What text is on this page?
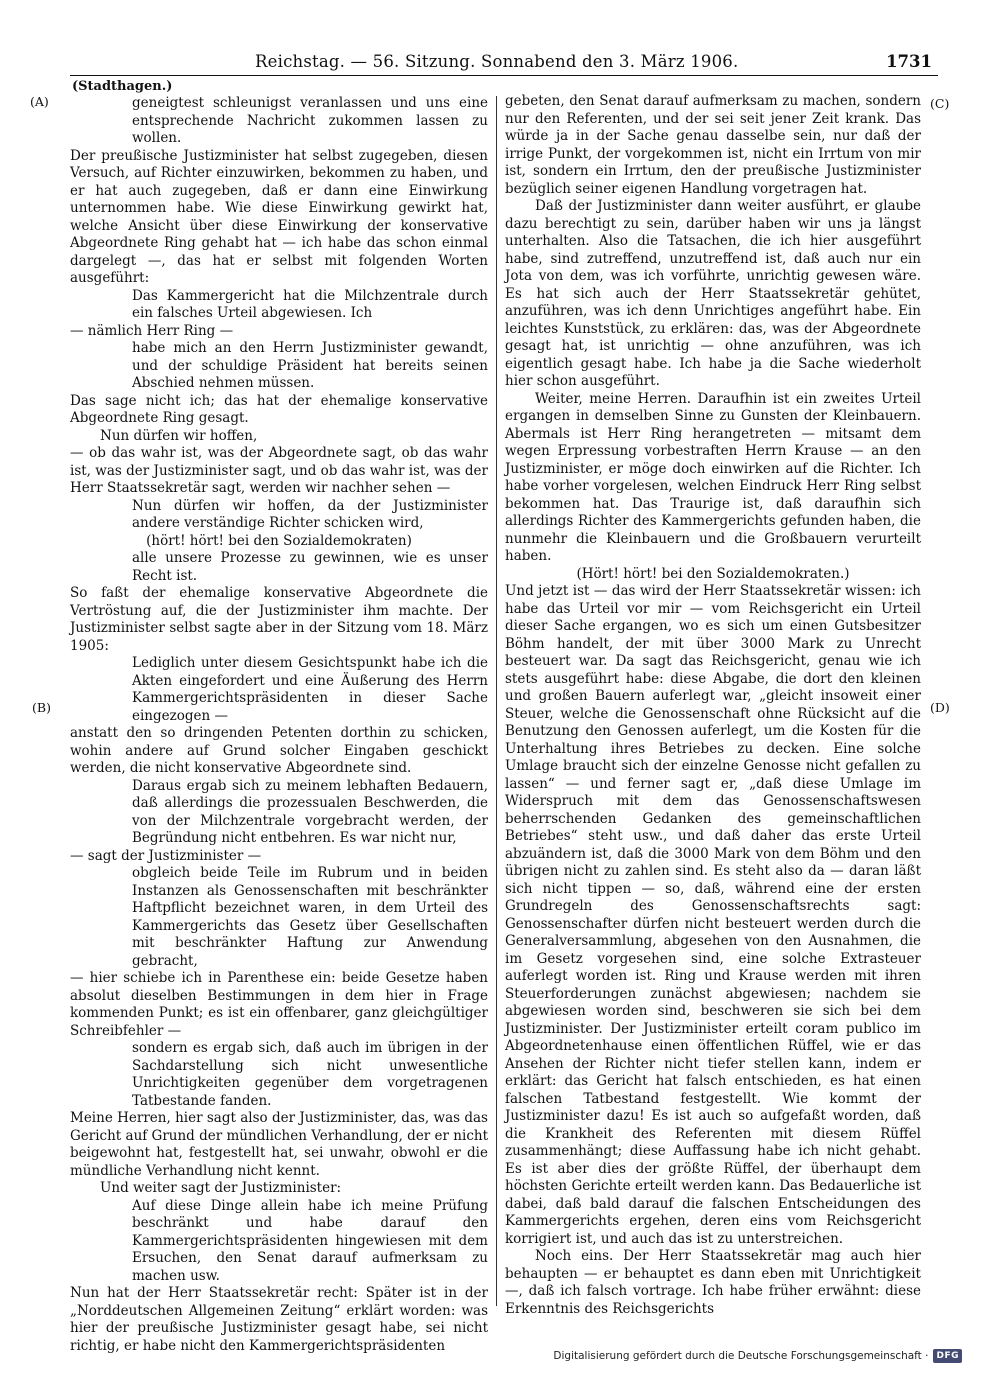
Reichstag. — 56. Sitzung. Sonnabend den 3. März 1906.	1731
(A)
(B)
(C)
(D)
(Stadthagen.)

geneigtest schleunigst veranlassen und uns eine entsprechende Nachricht zukommen lassen zu wollen.

Der preußische Justizminister hat selbst zugegeben, diesen Versuch, auf Richter einzuwirken, bekommen zu haben, und er hat auch zugegeben, daß er dann eine Einwirkung unternommen habe. Wie diese Einwirkung gewirkt hat, welche Ansicht über diese Einwirkung der konservative Abgeordnete Ring gehabt hat — ich habe das schon einmal dargelegt —, das hat er selbst mit folgenden Worten ausgeführt:

Das Kammergericht hat die Milchzentrale durch ein falsches Urteil abgewiesen. Ich

— nämlich Herr Ring —

habe mich an den Herrn Justizminister gewandt, und der schuldige Präsident hat bereits seinen Abschied nehmen müssen.

Das sage nicht ich; das hat der ehemalige konservative Abgeordnete Ring gesagt.

Nun dürfen wir hoffen,

— ob das wahr ist, was der Abgeordnete sagt, ob das wahr ist, was der Justizminister sagt, und ob das wahr ist, was der Herr Staatssekretär sagt, werden wir nachher sehen —

Nun dürfen wir hoffen, da der Justizminister andere verständige Richter schicken wird,

(hört! hört! bei den Sozialdemokraten)

alle unsere Prozesse zu gewinnen, wie es unser Recht ist.

So faßt der ehemalige konservative Abgeordnete die Vertröstung auf, die der Justizminister ihm machte. Der Justizminister selbst sagte aber in der Sitzung vom 18. März 1905:

Lediglich unter diesem Gesichtspunkt habe ich die Akten eingefordert und eine Äußerung des Herrn Kammergerichtspräsidenten in dieser Sache eingezogen —

anstatt den so dringenden Petenten dorthin zu schicken, wohin andere auf Grund solcher Eingaben geschickt werden, die nicht konservative Abgeordnete sind.

Daraus ergab sich zu meinem lebhaften Bedauern, daß allerdings die prozessualen Beschwerden, die von der Milchzentrale vorgebracht werden, der Begründung nicht entbehren. Es war nicht nur,

— sagt der Justizminister —

obgleich beide Teile im Rubrum und in beiden Instanzen als Genossenschaften mit beschränkter Haftpflicht bezeichnet waren, in dem Urteil des Kammergerichts das Gesetz über Gesellschaften mit beschränkter Haftung zur Anwendung gebracht,

— hier schiebe ich in Parenthese ein: beide Gesetze haben absolut dieselben Bestimmungen in dem hier in Frage kommenden Punkt; es ist ein offenbarer, ganz gleichgültiger Schreibfehler —

sondern es ergab sich, daß auch im übrigen in der Sachdarstellung sich nicht unwesentliche Unrichtigkeiten gegenüber dem vorgetragenen Tatbestande fanden.

Meine Herren, hier sagt also der Justizminister, das, was das Gericht auf Grund der mündlichen Verhandlung, der er nicht beigewohnt hat, festgestellt hat, sei unwahr, obwohl er die mündliche Verhandlung nicht kennt.

Und weiter sagt der Justizminister:

Auf diese Dinge allein habe ich meine Prüfung beschränkt und habe darauf den Kammergerichtspräsidenten hingewiesen mit dem Ersuchen, den Senat darauf aufmerksam zu machen usw.

Nun hat der Herr Staatssekretär recht: Später ist in der „Norddeutschen Allgemeinen Zeitung“ erklärt worden: was hier der preußische Justizminister gesagt habe, sei nicht richtig, er habe nicht den Kammergerichtspräsidenten

gebeten, den Senat darauf aufmerksam zu machen, sondern nur den Referenten, und der sei seit jener Zeit krank. Das würde ja in der Sache genau dasselbe sein, nur daß der irrige Punkt, der vorgekommen ist, nicht ein Irrtum von mir ist, sondern ein Irrtum, den der preußische Justizminister bezüglich seiner eigenen Handlung vorgetragen hat.

Daß der Justizminister dann weiter ausführt, er glaube dazu berechtigt zu sein, darüber haben wir uns ja längst unterhalten. Also die Tatsachen, die ich hier ausgeführt habe, sind zutreffend, unzutreffend ist, daß auch nur ein Jota von dem, was ich vorführte, unrichtig gewesen wäre. Es hat sich auch der Herr Staatssekretär gehütet, anzuführen, was ich denn Unrichtiges angeführt habe. Ein leichtes Kunststück, zu erklären: das, was der Abgeordnete gesagt hat, ist unrichtig — ohne anzuführen, was ich eigentlich gesagt habe. Ich habe ja die Sache wiederholt hier schon ausgeführt.

Weiter, meine Herren. Daraufhin ist ein zweites Urteil ergangen in demselben Sinne zu Gunsten der Kleinbauern. Abermals ist Herr Ring herangetreten — mitsamt dem wegen Erpressung vorbestraften Herrn Krause — an den Justizminister, er möge doch einwirken auf die Richter. Ich habe vorher vorgelesen, welchen Eindruck Herr Ring selbst bekommen hat. Das Traurige ist, daß daraufhin sich allerdings Richter des Kammergerichts gefunden haben, die nunmehr die Kleinbauern und die Großbauern verurteilt haben.

(Hört! hört! bei den Sozialdemokraten.)

Und jetzt ist — das wird der Herr Staatssekretär wissen: ich habe das Urteil vor mir — vom Reichsgericht ein Urteil dieser Sache ergangen, wo es sich um einen Gutsbesitzer Böhm handelt, der mit über 3000 Mark zu Unrecht besteuert war. Da sagt das Reichsgericht, genau wie ich stets ausgeführt habe: diese Abgabe, die dort den kleinen und großen Bauern auferlegt war, „gleicht insoweit einer Steuer, welche die Genossenschaft ohne Rücksicht auf die Benutzung den Genossen auferlegt, um die Kosten für die Unterhaltung ihres Betriebes zu decken. Eine solche Umlage braucht sich der einzelne Genosse nicht gefallen zu lassen“ — und ferner sagt er, „daß diese Umlage im Widerspruch mit dem das Genossenschaftswesen beherrschenden Gedanken des gemeinschaftlichen Betriebes“ steht usw., und daß daher das erste Urteil abzuändern ist, daß die 3000 Mark von dem Böhm und den übrigen nicht zu zahlen sind. Es steht also da — daran läßt sich nicht tippen — so, daß, während eine der ersten Grundregeln des Genossenschaftsrechts sagt: Genossenschafter dürfen nicht besteuert werden durch die Generalversammlung, abgesehen von den Ausnahmen, die im Gesetz vorgesehen sind, eine solche Extrasteuer auferlegt worden ist. Ring und Krause werden mit ihren Steuerforderungen zunächst abgewiesen; nachdem sie abgewiesen worden sind, beschweren sie sich bei dem Justizminister. Der Justizminister erteilt coram publico im Abgeordnetenhause einen öffentlichen Rüffel, wie er das Ansehen der Richter nicht tiefer stellen kann, indem er erklärt: das Gericht hat falsch entschieden, es hat einen falschen Tatbestand festgestellt. Wie kommt der Justizminister dazu! Es ist auch so aufgefaßt worden, daß die Krankheit des Referenten mit diesem Rüffel zusammenhängt; diese Auffassung habe ich nicht gehabt. Es ist aber dies der größte Rüffel, der überhaupt dem höchsten Gerichte erteilt werden kann. Das Bedauerliche ist dabei, daß bald darauf die falschen Entscheidungen des Kammergerichts ergehen, deren eins vom Reichsgericht korrigiert ist, und auch das ist zu unterstreichen.

Noch eins. Der Herr Staatssekretär mag auch hier behaupten — er behauptet es dann eben mit Unrichtigkeit —, daß ich falsch vortrage. Ich habe früher erwähnt: diese Erkenntnis des Reichsgerichts

Digitalisierung gefördert durch die Deutsche Forschungsgemeinschaft · DFG
